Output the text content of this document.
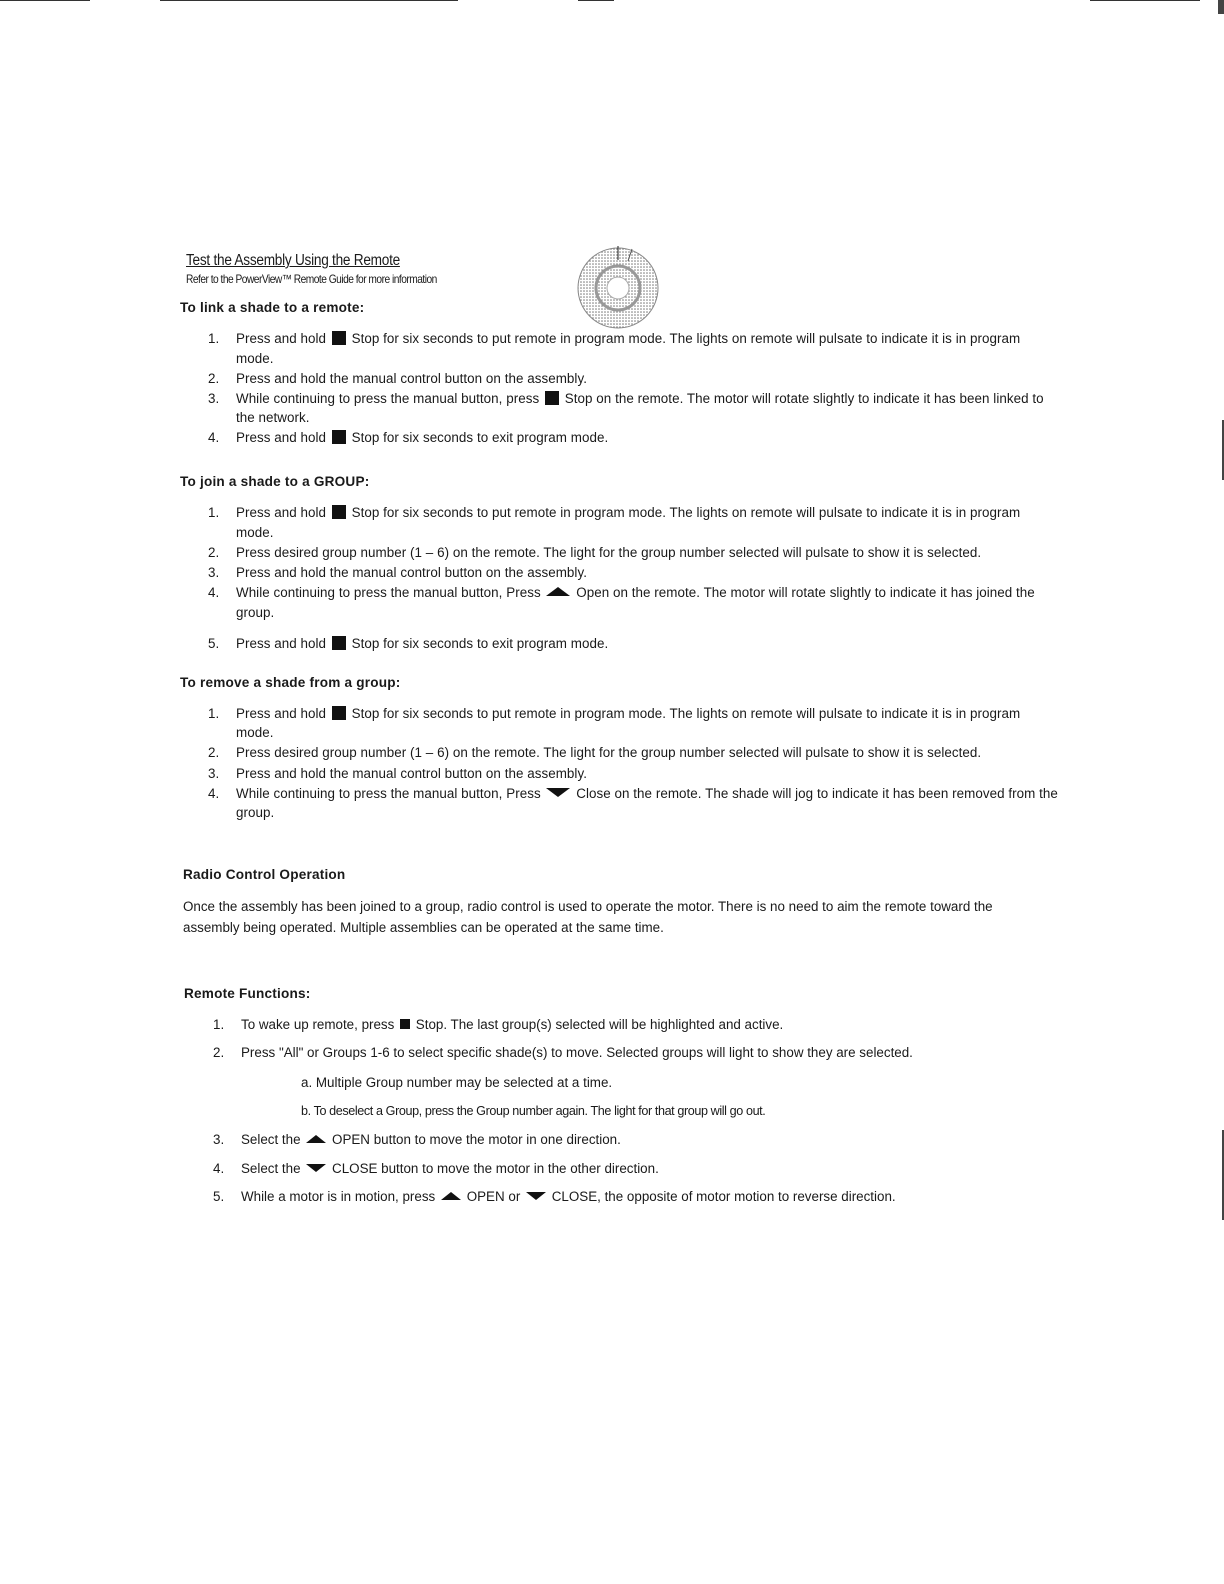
Test the Assembly Using the Remote
Refer to the PowerView™ Remote Guide for more information
To link a shade to a remote:
1. Press and hold Stop for six seconds to put remote in program mode. The lights on remote will pulsate to indicate it is in program mode.
2. Press and hold the manual control button on the assembly.
3. While continuing to press the manual button, press Stop on the remote. The motor will rotate slightly to indicate it has been linked to the network.
4. Press and hold Stop for six seconds to exit program mode.
To join a shade to a GROUP:
1. Press and hold Stop for six seconds to put remote in program mode. The lights on remote will pulsate to indicate it is in program mode.
2. Press desired group number (1 – 6) on the remote. The light for the group number selected will pulsate to show it is selected.
3. Press and hold the manual control button on the assembly.
4. While continuing to press the manual button, Press	Open on the remote. The motor will rotate slightly to indicate it has joined the group.
5. Press and hold Stop for six seconds to exit program mode.
To remove a shade from a group:
1. Press and hold Stop for six seconds to put remote in program mode. The lights on remote will pulsate to indicate it is in program mode.
2. Press desired group number (1 – 6) on the remote. The light for the group number selected will pulsate to show it is selected.
3. Press and hold the manual control button on the assembly.
4. While continuing to press the manual button, Press	Close on the remote. The shade will jog to indicate it has been removed from the group.
Radio Control Operation

Once the assembly has been joined to a group, radio control is used to operate the motor. There is no need to aim the remote toward the assembly being operated. Multiple assemblies can be operated at the same time.

Remote Functions:
1. To wake up remote, press Stop. The last group(s) selected will be highlighted and active.
2. Press "All" or Groups 1-6 to select specific shade(s) to move. Selected groups will light to show they are selected.
a. Multiple Group number may be selected at a time.
b. To deselect a Group, press the Group number again. The light for that group will go out.
3. Select the OPEN button to move the motor in one direction.
4. Select the CLOSE button to move the motor in the other direction.
5. While a motor is in motion, press OPEN or CLOSE, the opposite of motor motion to reverse direction.
